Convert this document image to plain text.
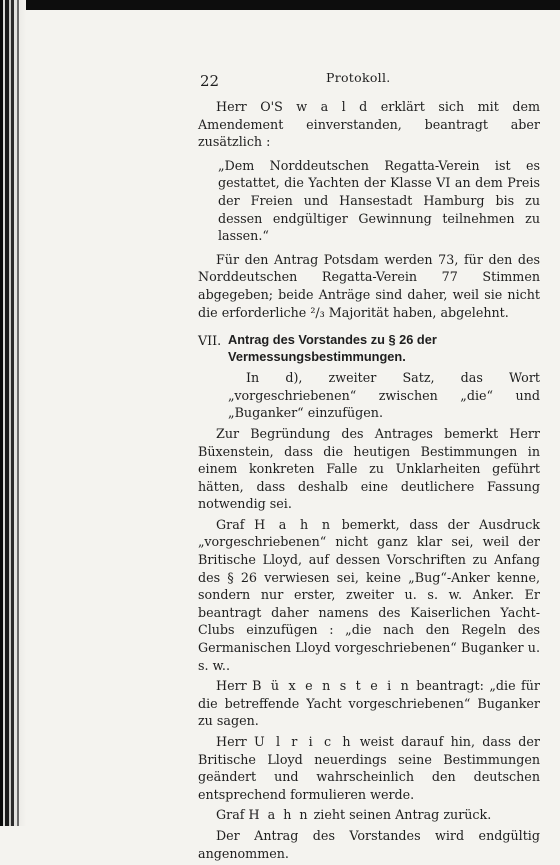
22	Protokoll.

Herr O'S w a l d erklärt sich mit dem Amendement einverstanden, beantragt aber zusätzlich :

„Dem Norddeutschen Regatta-Verein ist es gestattet, die Yachten der Klasse VI an dem Preis der Freien und Hansestadt Hamburg bis zu dessen endgültiger Gewinnung teilnehmen zu lassen.“

Für den Antrag Potsdam werden 73, für den des Norddeutschen Regatta-Verein 77 Stimmen abgegeben; beide Anträge sind daher, weil sie nicht die erforderliche ²/₃ Majorität haben, abgelehnt.

VII. Antrag des Vorstandes zu § 26 der Vermessungsbestimmungen.

In d), zweiter Satz, das Wort „vorgeschriebenen“ zwischen „die“ und „Buganker“ einzufügen.

Zur Begründung des Antrages bemerkt Herr Büxenstein, dass die heutigen Bestimmungen in einem konkreten Falle zu Unklarheiten geführt hätten, dass deshalb eine deutlichere Fassung notwendig sei.

Graf H a h n bemerkt, dass der Ausdruck „vorgeschriebenen“ nicht ganz klar sei, weil der Britische Lloyd, auf dessen Vorschriften zu Anfang des § 26 verwiesen sei, keine „Bug“-Anker kenne, sondern nur erster, zweiter u. s. w. Anker. Er beantragt daher namens des Kaiserlichen Yacht-Clubs einzufügen : „die nach den Regeln des Germanischen Lloyd vorgeschriebenen“ Buganker u. s. w..

Herr B ü x e n s t e i n beantragt: „die für die betreffende Yacht vorgeschriebenen“ Buganker zu sagen.

Herr U l r i c h weist darauf hin, dass der Britische Lloyd neuerdings seine Bestimmungen geändert und wahrscheinlich den deutschen entsprechend formulieren werde.

Graf H a h n zieht seinen Antrag zurück.

Der Antrag des Vorstandes wird endgültig angenommen.
